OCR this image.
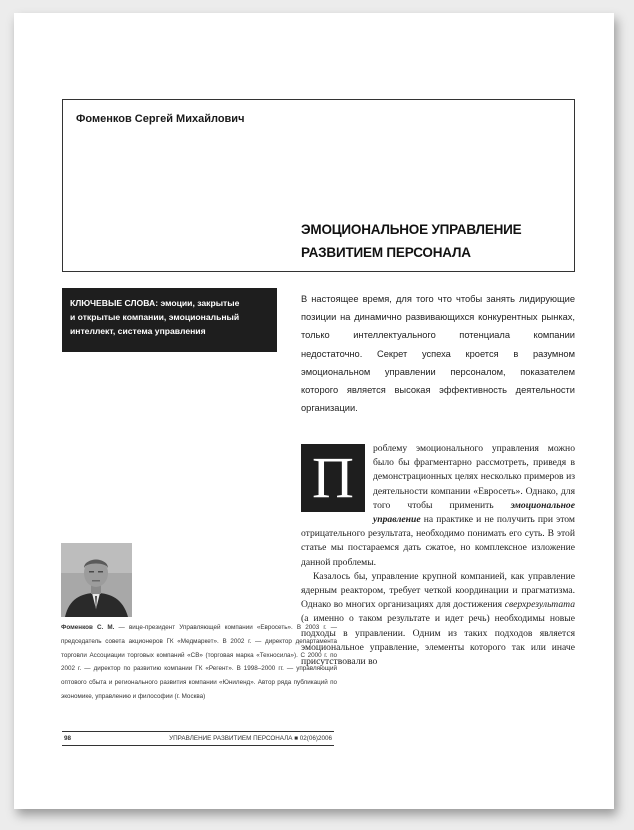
Фоменков Сергей Михайлович

ЭМОЦИОНАЛЬНОЕ УПРАВЛЕНИЕ
РАЗВИТИЕМ ПЕРСОНАЛА
КЛЮЧЕВЫЕ СЛОВА: эмоции, закрытые
и открытые компании, эмоциональный
интеллект, система управления

В настоящее время, для того что чтобы занять лидирующие позиции на динамично развивающихся конкурентных рынках, только интеллектуального потенциала компании недостаточно. Секрет успеха кроется в разумном эмоциональном управлении персоналом, показателем которого является высокая эффективность деятельности организации.

П	роблему эмоционального управления можно было бы фрагментарно рассмотреть, приведя в демонстрационных целях несколько примеров из деятельности компании «Евросеть». Однако, для того чтобы применить эмоциональное управление на практике и не получить при этом отрицательного результата, необходимо понимать его суть. В этой статье мы постараемся дать сжатое, но комплексное изложение данной проблемы.

Казалось бы, управление крупной компанией, как управление ядерным реактором, требует четкой координации и прагматизма. Однако во многих организациях для достижения сверхрезультата (а именно о таком результате и идет речь) необходимы новые подходы в управлении. Одним из таких подходов является эмоциональное управление, элементы которого так или иначе присутствовали во

Фоменков С. М. — вице-президент Управляющей компании «Евросеть». В 2003 г. — председатель совета акционеров ГК «Медмаркет». В 2002 г. — директор департамента торговли Ассоциации торговых компаний «СВ» (торговая марка «Техносила»). С 2000 г. по 2002 г. — директор по развитию компании ГК «Регент». В 1998–2000 гг. — управляющий оптового сбыта и регионального развития компании «Юниленд». Автор ряда публикаций по экономике, управлению и философии (г. Москва)

98	УПРАВЛЕНИЕ РАЗВИТИЕМ ПЕРСОНАЛА ■ 02(06)2006
